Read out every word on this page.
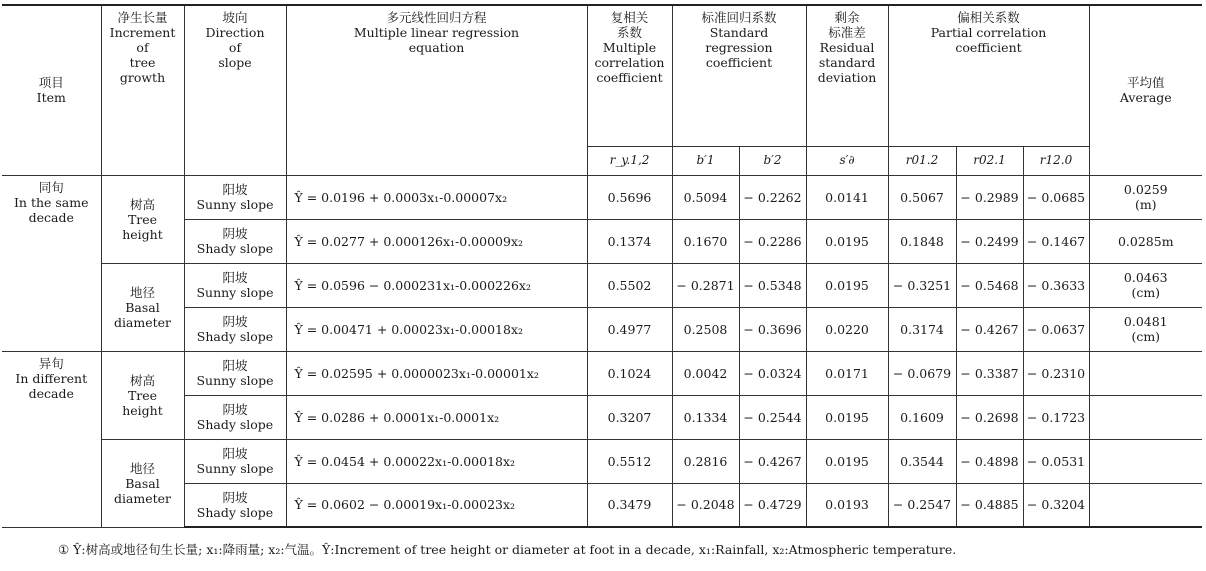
项目
Item	净生长量
Increment
of
tree
growth	坡向
Direction
of
slope	多元线性回归方程
Multiple linear regression
equation	复相关
系数
Multiple
correlation
coefficient	标准回归系数
Standard
regression
coefficient		剩余
标准差
Residual
standard
deviation	偏相关系数
Partial correlation
coefficient			平均值
Average

				r_y.1,2	b′1	b′2	s′∂	r01.2	r02.1	r12.0	

同旬
In the same
decade	树高
Tree
height	阳坡
Sunny slope	Ŷ = 0.0196 + 0.0003x₁-0.00007x₂	0.5696	0.5094	− 0.2262	0.0141	0.5067	− 0.2989	− 0.0685	0.0259
(m)

		阴坡
Shady slope	Ŷ = 0.0277 + 0.000126x₁-0.00009x₂	0.1374	0.1670	− 0.2286	0.0195	0.1848	− 0.2499	− 0.1467	0.0285m

	地径
Basal
diameter	阳坡
Sunny slope	Ŷ = 0.0596 − 0.000231x₁-0.000226x₂	0.5502	− 0.2871	− 0.5348	0.0195	− 0.3251	− 0.5468	− 0.3633	0.0463
(cm)

		阴坡
Shady slope	Ŷ = 0.00471 + 0.00023x₁-0.00018x₂	0.4977	0.2508	− 0.3696	0.0220	0.3174	− 0.4267	− 0.0637	0.0481
(cm)

异旬
In different
decade	树高
Tree
height	阳坡
Sunny slope	Ŷ = 0.02595 + 0.0000023x₁-0.00001x₂	0.1024	0.0042	− 0.0324	0.0171	− 0.0679	− 0.3387	− 0.2310	

		阴坡
Shady slope	Ŷ = 0.0286 + 0.0001x₁-0.0001x₂	0.3207	0.1334	− 0.2544	0.0195	0.1609	− 0.2698	− 0.1723	

	地径
Basal
diameter	阳坡
Sunny slope	Ŷ = 0.0454 + 0.00022x₁-0.00018x₂	0.5512	0.2816	− 0.4267	0.0195	0.3544	− 0.4898	− 0.0531	

		阴坡
Shady slope	Ŷ = 0.0602 − 0.00019x₁-0.00023x₂	0.3479	− 0.2048	− 0.4729	0.0193	− 0.2547	− 0.4885	− 0.3204	
① Ŷ:树高或地径旬生长量; x₁:降雨量; x₂:气温。Ŷ:Increment of tree height or diameter at foot in a decade, x₁:Rainfall, x₂:Atmospheric temperature.
